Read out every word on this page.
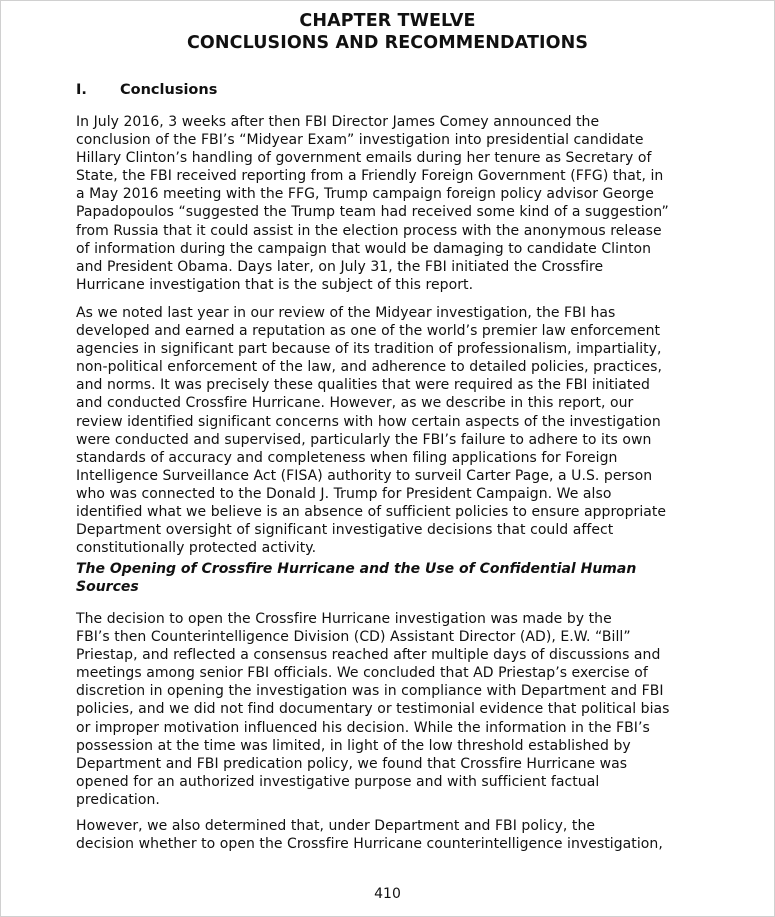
CHAPTER TWELVE
CONCLUSIONS AND RECOMMENDATIONS
I. Conclusions
In July 2016, 3 weeks after then FBI Director James Comey announced the
conclusion of the FBI’s “Midyear Exam” investigation into presidential candidate
Hillary Clinton’s handling of government emails during her tenure as Secretary of
State, the FBI received reporting from a Friendly Foreign Government (FFG) that, in
a May 2016 meeting with the FFG, Trump campaign foreign policy advisor George
Papadopoulos “suggested the Trump team had received some kind of a suggestion”
from Russia that it could assist in the election process with the anonymous release
of information during the campaign that would be damaging to candidate Clinton
and President Obama. Days later, on July 31, the FBI initiated the Crossfire
Hurricane investigation that is the subject of this report.
As we noted last year in our review of the Midyear investigation, the FBI has
developed and earned a reputation as one of the world’s premier law enforcement
agencies in significant part because of its tradition of professionalism, impartiality,
non-political enforcement of the law, and adherence to detailed policies, practices,
and norms. It was precisely these qualities that were required as the FBI initiated
and conducted Crossfire Hurricane. However, as we describe in this report, our
review identified significant concerns with how certain aspects of the investigation
were conducted and supervised, particularly the FBI’s failure to adhere to its own
standards of accuracy and completeness when filing applications for Foreign
Intelligence Surveillance Act (FISA) authority to surveil Carter Page, a U.S. person
who was connected to the Donald J. Trump for President Campaign. We also
identified what we believe is an absence of sufficient policies to ensure appropriate
Department oversight of significant investigative decisions that could affect
constitutionally protected activity.
The Opening of Crossfire Hurricane and the Use of Confidential Human
Sources
The decision to open the Crossfire Hurricane investigation was made by the
FBI’s then Counterintelligence Division (CD) Assistant Director (AD), E.W. “Bill”
Priestap, and reflected a consensus reached after multiple days of discussions and
meetings among senior FBI officials. We concluded that AD Priestap’s exercise of
discretion in opening the investigation was in compliance with Department and FBI
policies, and we did not find documentary or testimonial evidence that political bias
or improper motivation influenced his decision. While the information in the FBI’s
possession at the time was limited, in light of the low threshold established by
Department and FBI predication policy, we found that Crossfire Hurricane was
opened for an authorized investigative purpose and with sufficient factual
predication.
However, we also determined that, under Department and FBI policy, the
decision whether to open the Crossfire Hurricane counterintelligence investigation,
410
